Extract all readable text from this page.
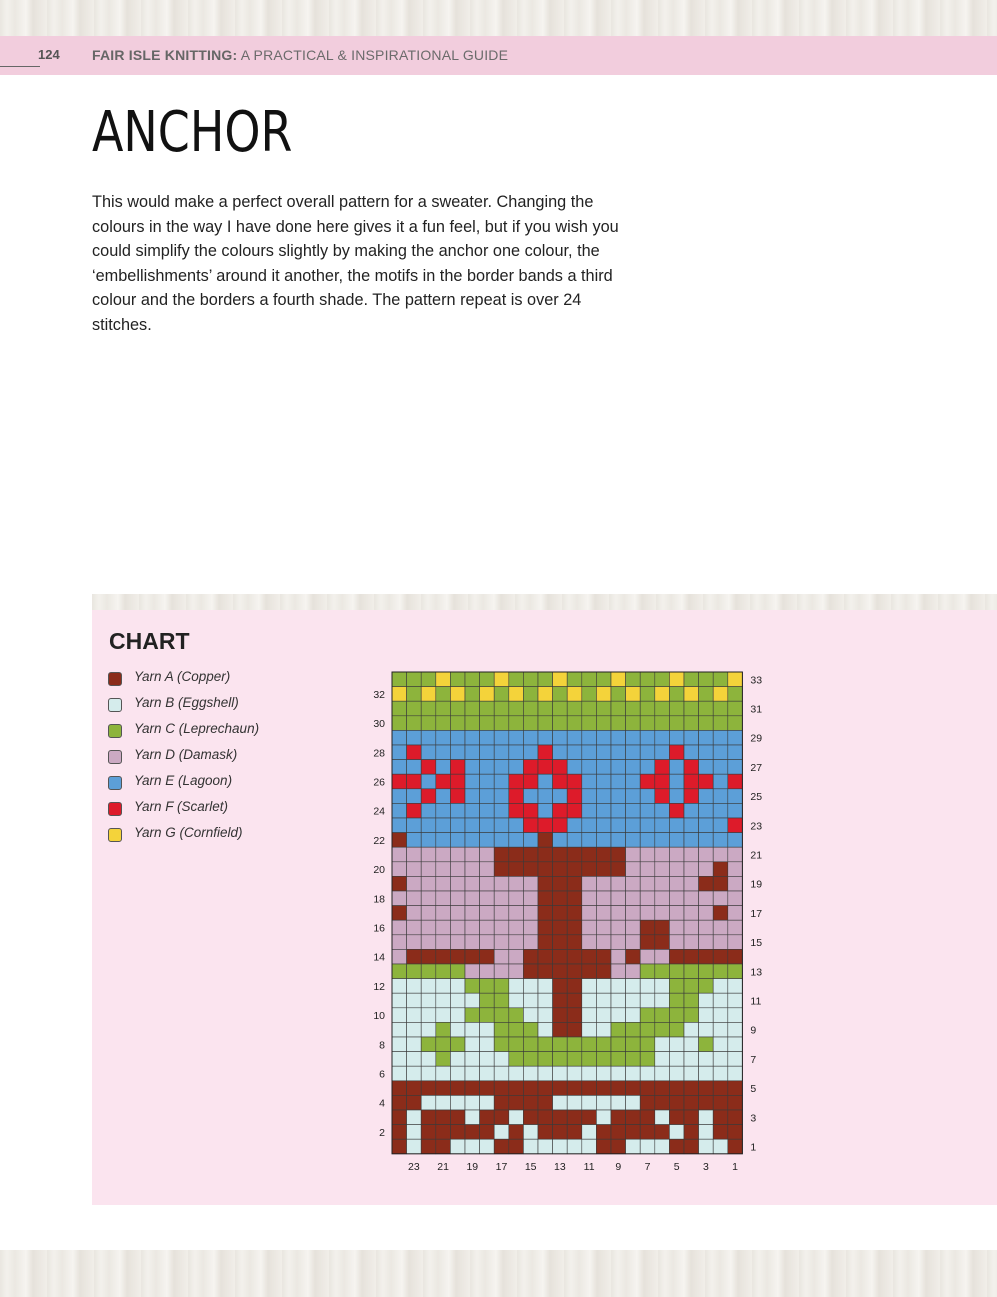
124 FAIR ISLE KNITTING: A PRACTICAL & INSPIRATIONAL GUIDE
ANCHOR

This would make a perfect overall pattern for a sweater. Changing the colours in the way I have done here gives it a fun feel, but if you wish you could simplify the colours slightly by making the anchor one colour, the ‘embellishments’ around it another, the motifs in the border bands a third colour and the borders a fourth shade. The pattern repeat is over 24 stitches.

CHART
Yarn A (Copper)
Yarn B (Eggshell)
Yarn C (Leprechaun)
Yarn D (Damask)
Yarn E (Lagoon)
Yarn F (Scarlet)
Yarn G (Cornfield)
33
31
29
27
25
23
21
19
17
15
13
11
9
7
5
3
1
32
30
28
26
24
22
20
18
16
14
12
10
8
6
4
2
23 21 19 17 15 13 11 9 7 5 3 1
